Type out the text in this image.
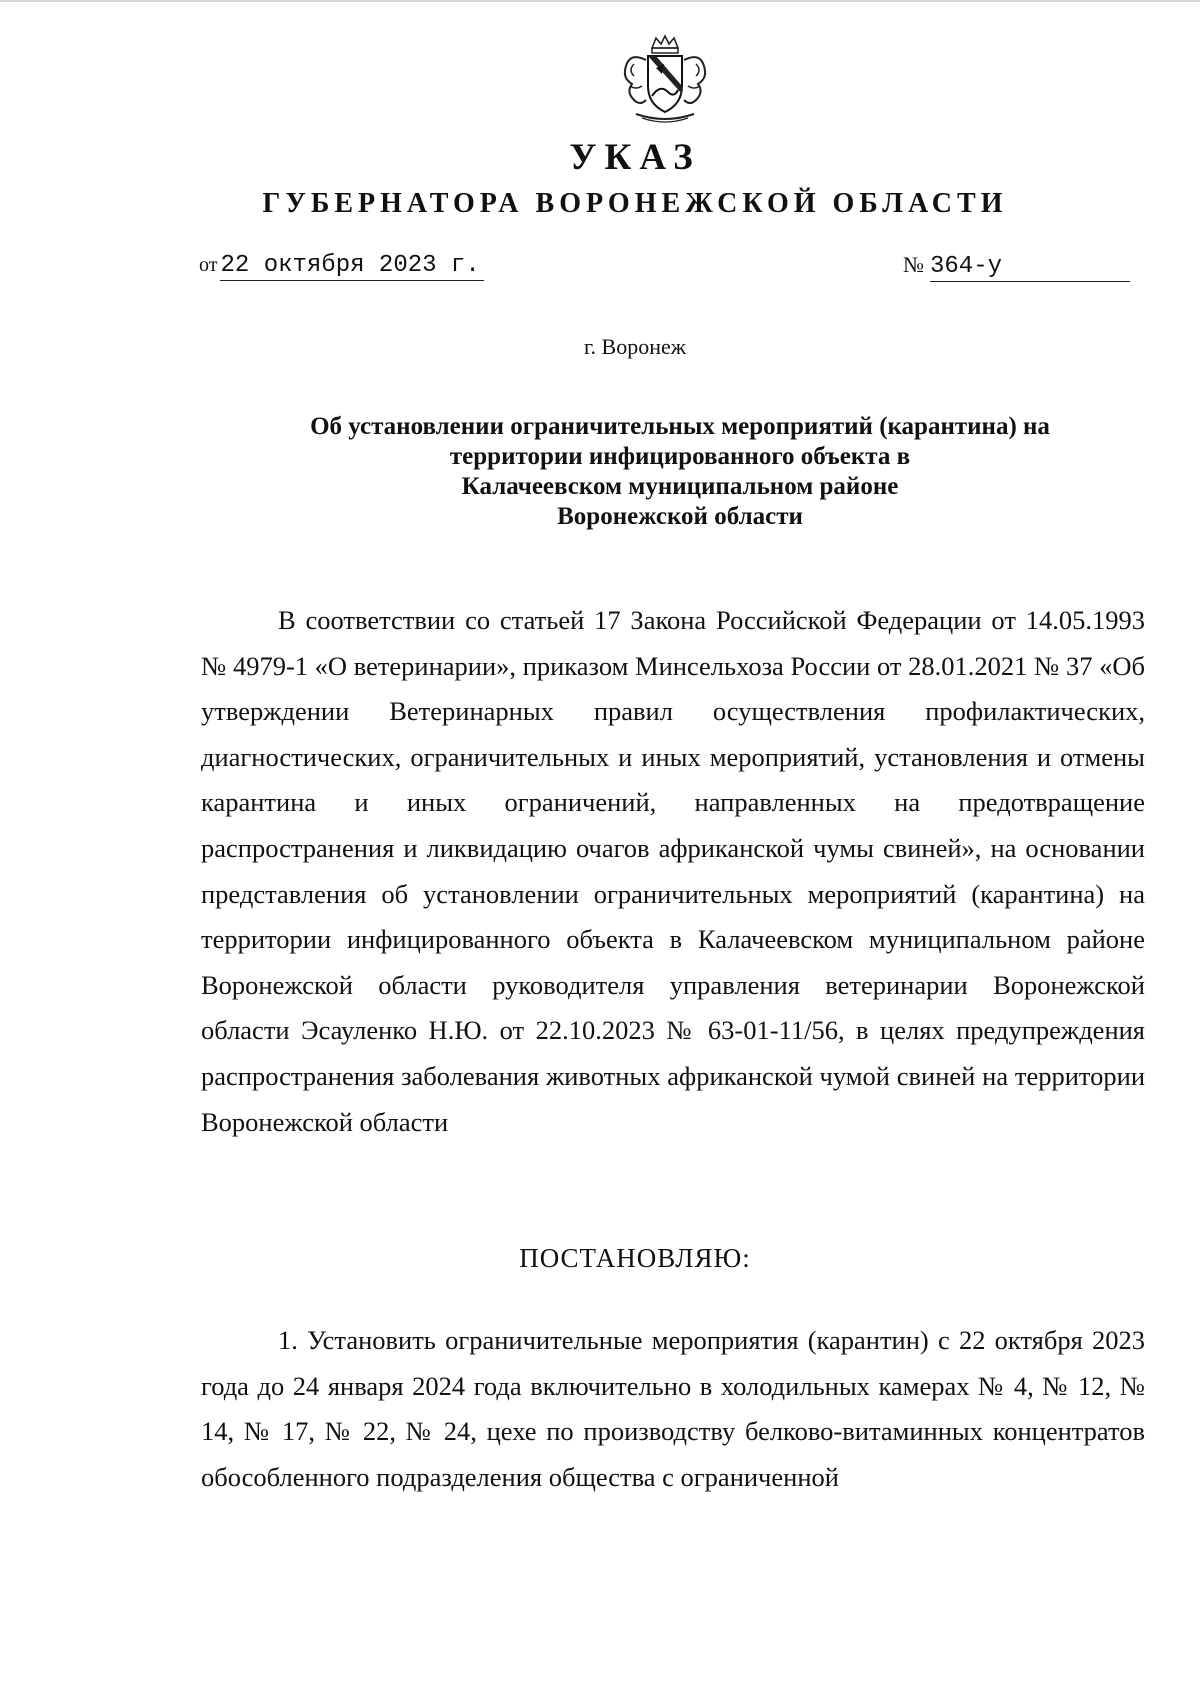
УКАЗ
ГУБЕРНАТОРА ВОРОНЕЖСКОЙ ОБЛАСТИ
от 22 октября 2023 г.	№ 364-у
г. Воронеж
Об установлении ограничительных мероприятий (карантина) на
территории инфицированного объекта в
Калачеевском муниципальном районе
Воронежской области
В соответствии со статьей 17 Закона Российской Федерации от 14.05.1993 № 4979-1 «О ветеринарии», приказом Минсельхоза России от 28.01.2021 № 37 «Об утверждении Ветеринарных правил осуществления профилактических, диагностических, ограничительных и иных мероприятий, установления и отмены карантина и иных ограничений, направленных на предотвращение распространения и ликвидацию очагов африканской чумы свиней», на основании представления об установлении ограничительных мероприятий (карантина) на территории инфицированного объекта в Калачеевском муниципальном районе Воронежской области руководителя управления ветеринарии Воронежской области Эсауленко Н.Ю. от 22.10.2023 № 63-01-11/56, в целях предупреждения распространения заболевания животных африканской чумой свиней на территории Воронежской области
ПОСТАНОВЛЯЮ:
1. Установить ограничительные мероприятия (карантин) с 22 октября 2023 года до 24 января 2024 года включительно в холодильных камерах № 4, № 12, № 14, № 17, № 22, № 24, цехе по производству белково-витаминных концентратов обособленного подразделения общества с ограниченной
